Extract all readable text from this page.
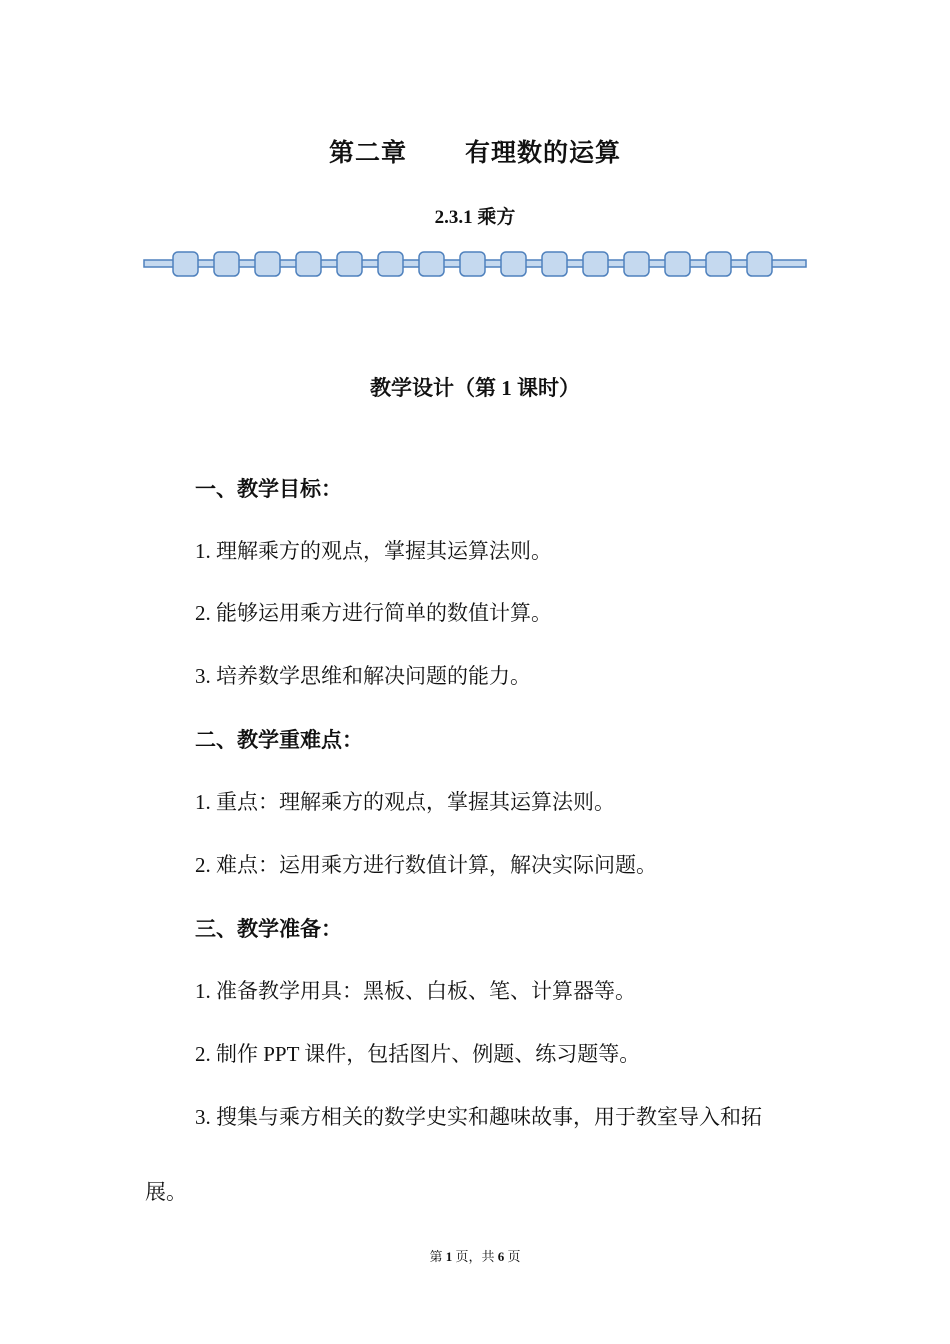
第二章        有理数的运算
2.3.1 乘方
教学设计（第 1 课时）
一、教学目标：
1. 理解乘方的观点，掌握其运算法则。
2. 能够运用乘方进行简单的数值计算。
3. 培养数学思维和解决问题的能力。
二、教学重难点：
1. 重点：理解乘方的观点，掌握其运算法则。
2. 难点：运用乘方进行数值计算，解决实际问题。
三、教学准备：
1. 准备教学用具：黑板、白板、笔、计算器等。
2. 制作 PPT 课件，包括图片、例题、练习题等。
3. 搜集与乘方相关的数学史实和趣味故事，用于教室导入和拓
展。
第 1 页，共 6 页
